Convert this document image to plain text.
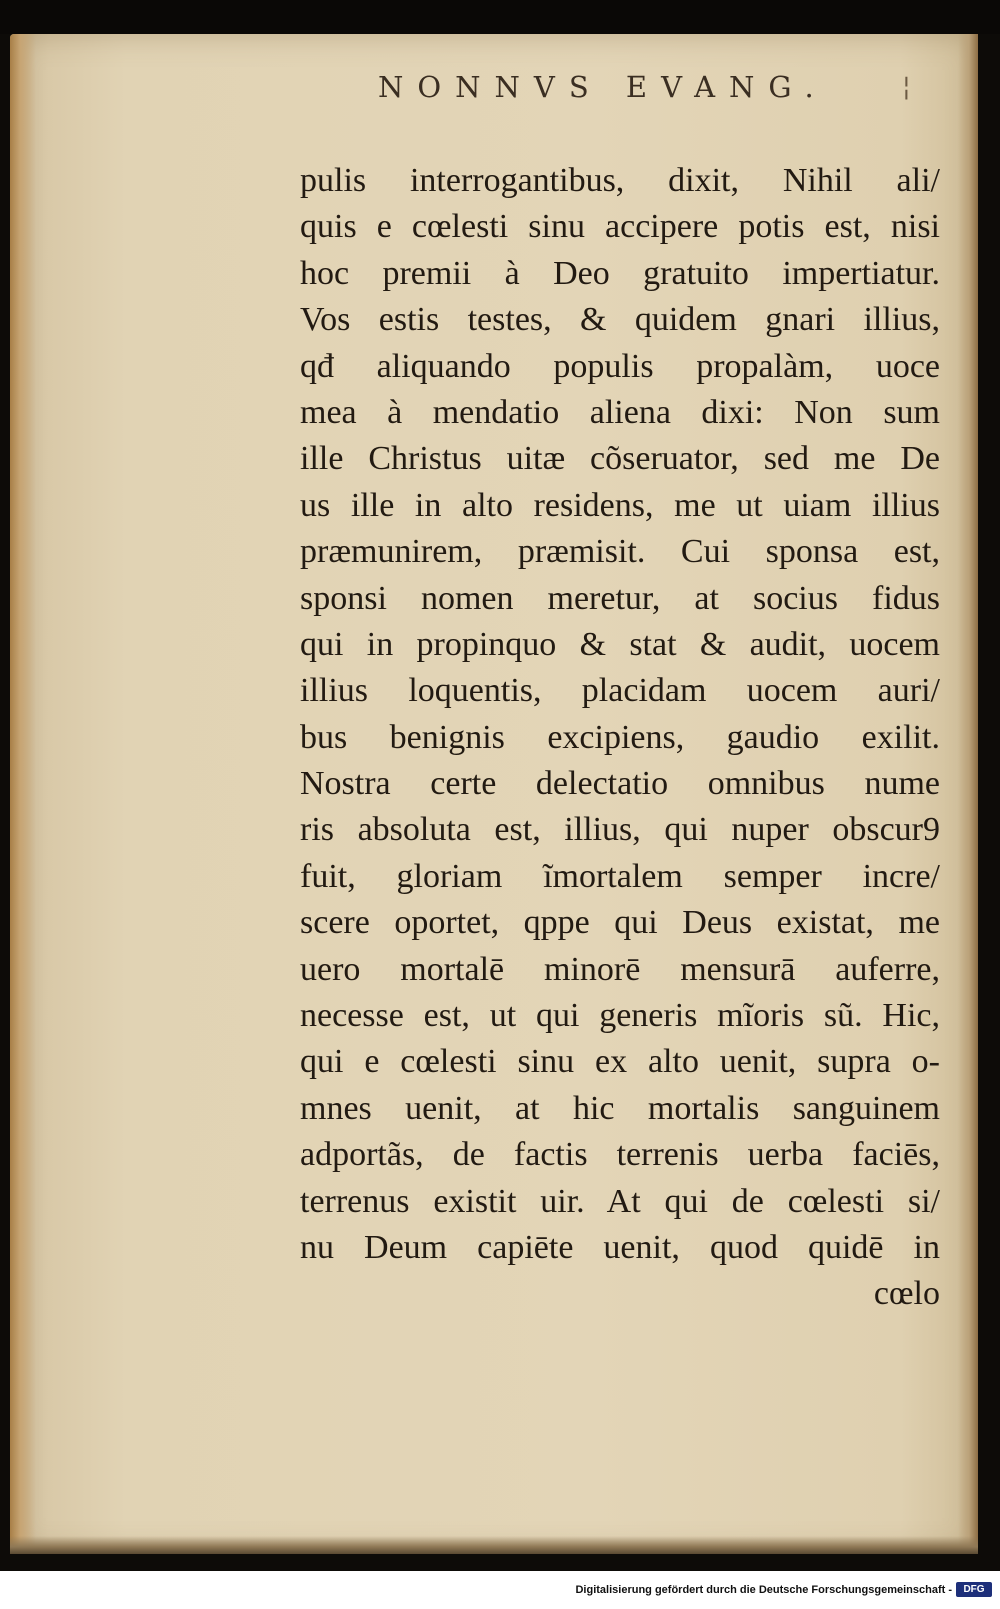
NONNVS EVANG.	¦
pulis interrogantibus, dixit, Nihil ali/
quis e cœlesti sinu accipere potis est, nisi
hoc premii à Deo gratuito impertiatur.
Vos estis testes, & quidem gnari illius,
qđ aliquando populis propalàm, uoce
mea à mendatio aliena dixi: Non sum
ille Christus uitæ cõseruator, sed me De
us ille in alto residens, me ut uiam illius
præmunirem, præmisit. Cui sponsa est,
sponsi nomen meretur, at socius fidus
qui in propinquo & stat & audit, uocem
illius loquentis, placidam uocem auri/
bus benignis excipiens, gaudio exilit.
Nostra certe delectatio omnibus nume
ris absoluta est, illius, qui nuper obscur9
fuit, gloriam ĩmortalem semper incre/
scere oportet, qppe qui Deus existat, me
uero mortalē minorē mensurā auferre,
necesse est, ut qui generis mĩoris sũ. Hic,
qui e cœlesti sinu ex alto uenit, supra o-
mnes uenit, at hic mortalis sanguinem
adportãs, de factis terrenis uerba faciēs,
terrenus existit uir. At qui de cœlesti si/
nu Deum capiēte uenit, quod quidē in
cœlo
Digitalisierung gefördert durch die Deutsche Forschungsgemeinschaft -	DFG
